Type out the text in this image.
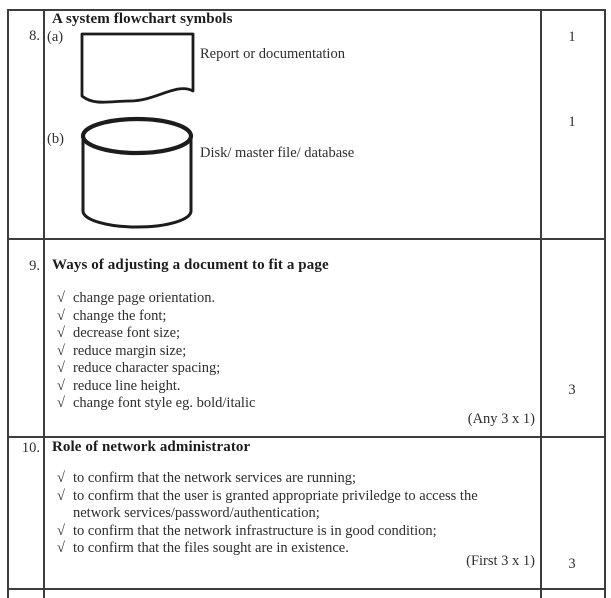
A system flowchart symbols
8. (a)
Report or documentation
1
(b)
Disk/ master file/ database
1
9. Ways of adjusting a document to fit a page
√ change page orientation.
√ change the font;
√ decrease font size;
√ reduce margin size;
√ reduce character spacing;
√ reduce line height.
√ change font style eg. bold/italic
(Any 3 x 1)
3
10. Role of network administrator
√ to confirm that the network services are running;
√ to confirm that the user is granted appropriate priviledge to access the network services/password/authentication;
√ to confirm that the network infrastructure is in good condition;
√ to confirm that the files sought are in existence.
(First 3 x 1)	3
